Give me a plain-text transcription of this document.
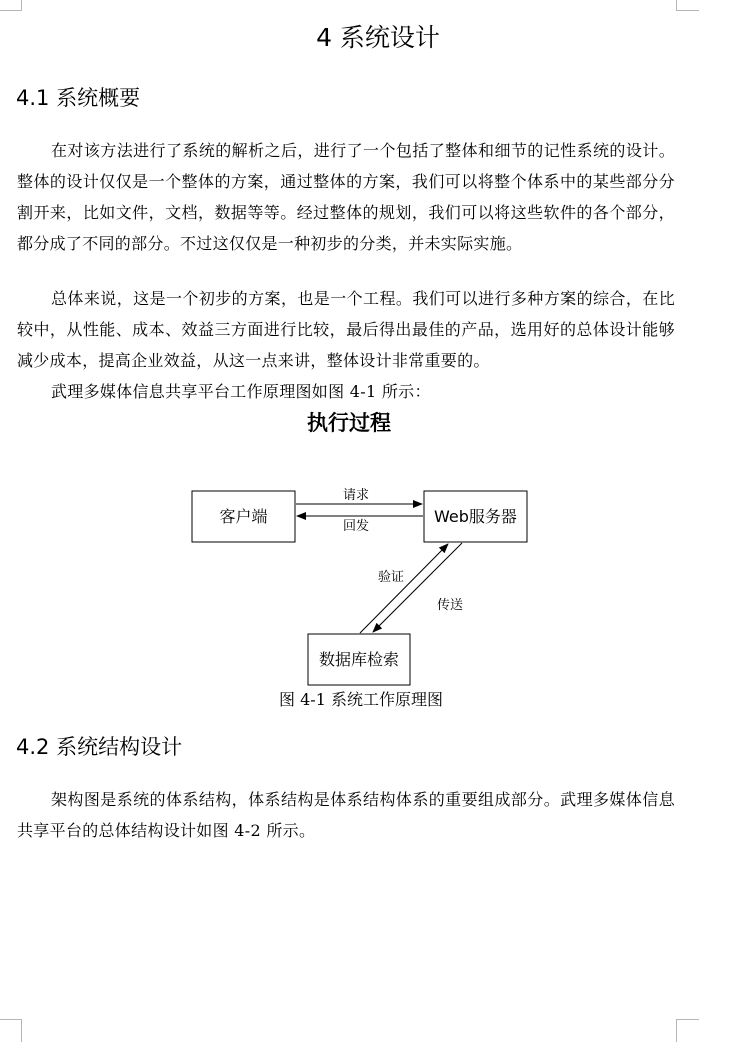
4 系统设计
4.1 系统概要

在对该方法进行了系统的解析之后，进行了一个包括了整体和细节的记性系统的设计。整体的设计仅仅是一个整体的方案，通过整体的方案，我们可以将整个体系中的某些部分分割开来，比如文件，文档，数据等等。经过整体的规划，我们可以将这些软件的各个部分，都分成了不同的部分。不过这仅仅是一种初步的分类，并未实际实施。

总体来说，这是一个初步的方案，也是一个工程。我们可以进行多种方案的综合，在比较中，从性能、成本、效益三方面进行比较，最后得出最佳的产品，选用好的总体设计能够减少成本，提高企业效益，从这一点来讲，整体设计非常重要的。

武理多媒体信息共享平台工作原理图如图 4-1 所示：

执行过程
客户端	Web服务器
数据库检索
请求
回发
验证
传送
图 4-1 系统工作原理图
4.2 系统结构设计

架构图是系统的体系结构，体系结构是体系结构体系的重要组成部分。武理多媒体信息共享平台的总体结构设计如图 4-2 所示。
